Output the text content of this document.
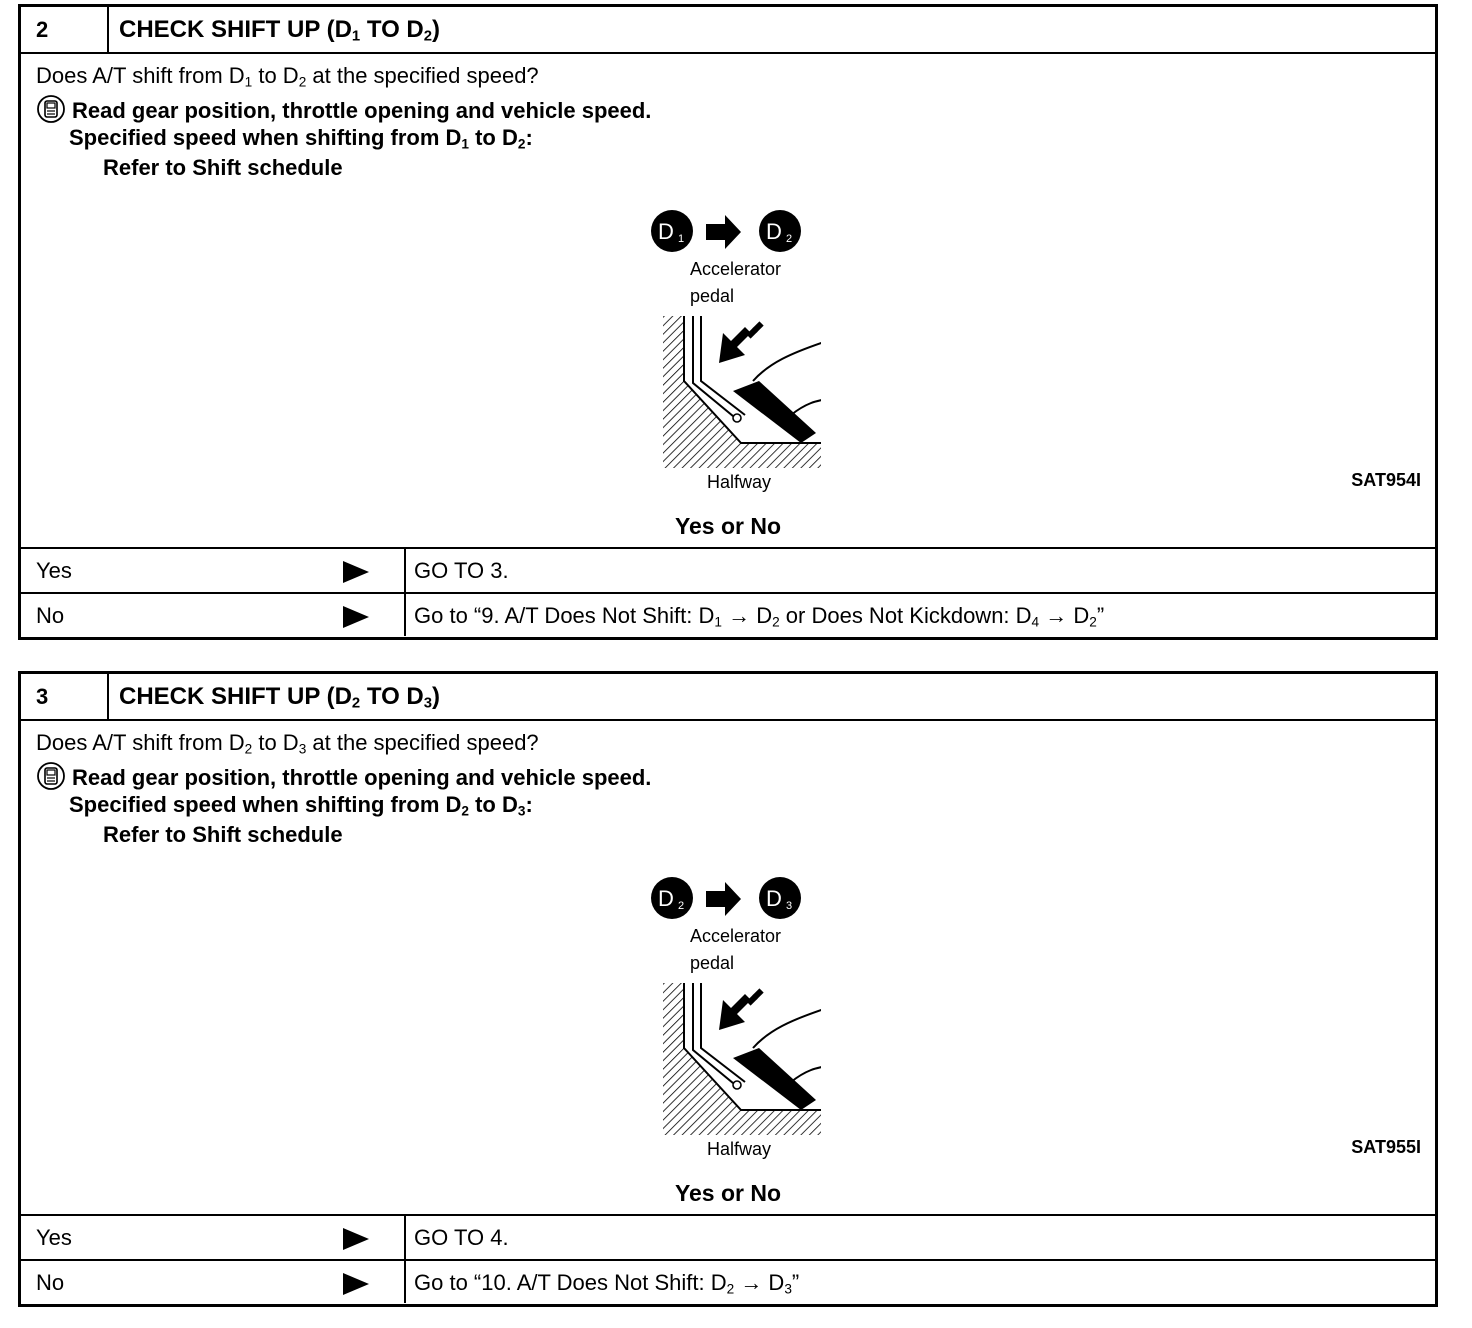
2	CHECK SHIFT UP ($D_1$ TO $D_2$)
Does A/T shift from $D_1$ to $D_2$ at the specified speed?
Read gear position, throttle opening and vehicle speed.
Specified speed when shifting from $D_1$ to $D_2$:
Refer to Shift schedule
D 1	D 2
Accelerator
pedal
Halfway	SAT954I
Yes or No
Yes	GO TO 3.
No	Go to “9. A/T Does Not Shift: $D_1 \to D_2$ or Does Not Kickdown: $D_4 \to D_2$”
3	CHECK SHIFT UP ($D_2$ TO $D_3$)
Does A/T shift from $D_2$ to $D_3$ at the specified speed?
Read gear position, throttle opening and vehicle speed.
Specified speed when shifting from $D_2$ to $D_3$:
Refer to Shift schedule
D 2	D 3
Accelerator
pedal
Halfway	SAT955I
Yes or No
Yes	GO TO 4.
No	Go to “10. A/T Does Not Shift: $D_2 \to D_3$”
